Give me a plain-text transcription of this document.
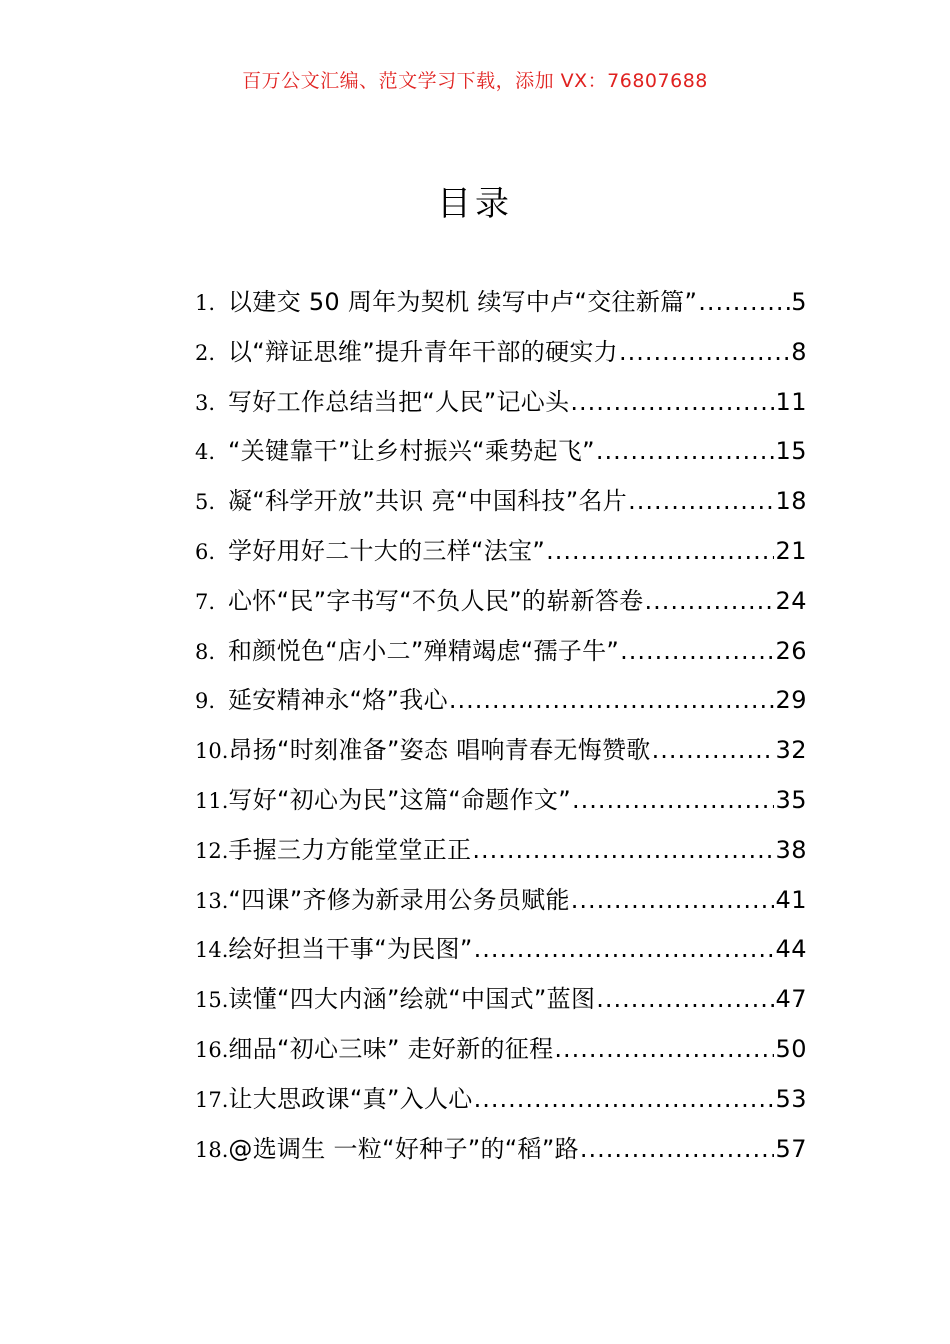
百万公文汇编、范文学习下载，添加 VX：76807688
目录
1. 以建交 50 周年为契机 续写中卢“交往新篇” .....	5
2. 以“辩证思维”提升青年干部的硬实力 .....	8
3. 写好工作总结当把“人民”记心头 .....	11
4. “关键靠干”让乡村振兴“乘势起飞” .....	15
5. 凝“科学开放”共识 亮“中国科技”名片 .....	18
6. 学好用好二十大的三样“法宝” .....	21
7. 心怀“民”字书写“不负人民”的崭新答卷 .....	24
8. 和颜悦色“店小二”殚精竭虑“孺子牛” .....	26
9. 延安精神永“烙”我心 .....	29
10. 昂扬“时刻准备”姿态 唱响青春无悔赞歌 .....	32
11. 写好“初心为民”这篇“命题作文” .....	35
12. 手握三力方能堂堂正正 .....	38
13. “四课”齐修为新录用公务员赋能 .....	41
14. 绘好担当干事“为民图” .....	44
15. 读懂“四大内涵”绘就“中国式”蓝图 .....	47
16. 细品“初心三味” 走好新的征程 .....	50
17. 让大思政课“真”入人心 .....	53
18. @选调生 一粒“好种子”的“稻”路 .....	57
